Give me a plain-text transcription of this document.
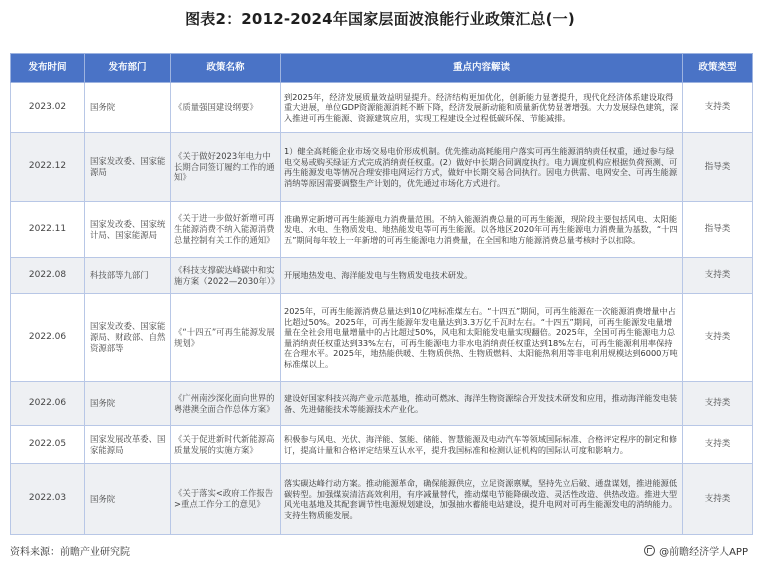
图表2：2012-2024年国家层面波浪能行业政策汇总(一)
发布时间	发布部门	政策名称	重点内容解读	政策类型
2023.02	国务院	《质量强国建设纲要》	到2025年，经济发展质量效益明显提升。经济结构更加优化，创新能力显著提升，现代化经济体系建设取得重大进展，单位GDP资源能源消耗不断下降，经济发展新动能和质量新优势显著增强。大力发展绿色建筑，深入推进可再生能源、资源建筑应用，实现工程建设全过程低碳环保、节能减排。	支持类
2022.12	国家发改委、国家能源局	《关于做好2023年电力中长期合同签订履约工作的通知》	1）健全高耗能企业市场交易电价形成机制。优先推动高耗能用户落实可再生能源消纳责任权重，通过参与绿电交易或购买绿证方式完成消纳责任权重。(2）做好中长期合同调度执行。电力调度机构应根据负荷预测、可再生能源发电等情况合理安排电网运行方式，做好中长期交易合同执行。因电力供需、电网安全、可再生能源消纳等原因需要调整生产计划的，优先通过市场化方式进行。	指导类
2022.11	国家发改委、国家统计局、国家能源局	《关于进一步做好新增可再生能源消费不纳入能源消费总量控制有关工作的通知》	准确界定新增可再生能源电力消费量范围。不纳入能源消费总量的可再生能源，现阶段主要包括风电、太阳能发电、水电、生物质发电、地热能发电等可再生能源。以各地区2020年可再生能源电力消费量为基数，“十四五”期间每年较上一年新增的可再生能源电力消费量，在全国和地方能源消费总量考核时予以扣除。	指导类
2022.08	科技部等九部门	《科技支撑碳达峰碳中和实施方案（2022—2030年）》	开展地热发电、海洋能发电与生物质发电技术研发。	支持类
2022.06	国家发改委、国家能源局、财政部、自然资源部等	《“十四五”可再生能源发展规划》	2025年，可再生能源消费总量达到10亿吨标准煤左右。“十四五”期间，可再生能源在一次能源消费增量中占比超过50%。2025年，可再生能源年发电量达到3.3万亿千瓦时左右。“十四五”期间，可再生能源发电量增量在全社会用电量增量中的占比超过50%，风电和太阳能发电量实现翻倍。2025年，全国可再生能源电力总量消纳责任权重达到33%左右，可再生能源电力非水电消纳责任权重达到18%左右，可再生能源利用率保持在合理水平。2025年，地热能供暖、生物质供热、生物质燃料、太阳能热利用等非电利用规模达到6000万吨标准煤以上。	支持类
2022.06	国务院	《广州南沙深化面向世界的粤港澳全面合作总体方案》	建设好国家科技兴海产业示范基地，推动可燃冰、海洋生物资源综合开发技术研发和应用，推动海洋能发电装备、先进储能技术等能源技术产业化。	支持类
2022.05	国家发展改革委、国家能源局	《关于促进新时代新能源高质量发展的实施方案》	积极参与风电、光伏、海洋能、氢能、储能、智慧能源及电动汽车等领域国际标准、合格评定程序的制定和修订，提高计量和合格评定结果互认水平，提升我国标准和检测认证机构的国际认可度和影响力。	支持类
2022.03	国务院	《关于落实<政府工作报告>重点工作分工的意见》	落实碳达峰行动方案。推动能源革命，确保能源供应，立足资源禀赋，坚持先立后破、通盘谋划，推进能源低碳转型。加强煤炭清洁高效利用，有序减量替代，推动煤电节能降碳改造、灵活性改造、供热改造。推进大型风光电基地及其配套调节性电源规划建设，加强抽水蓄能电站建设，提升电网对可再生能源发电的消纳能力。支持生物质能发展。	支持类
资料来源：前瞻产业研究院	@前瞻经济学人APP
